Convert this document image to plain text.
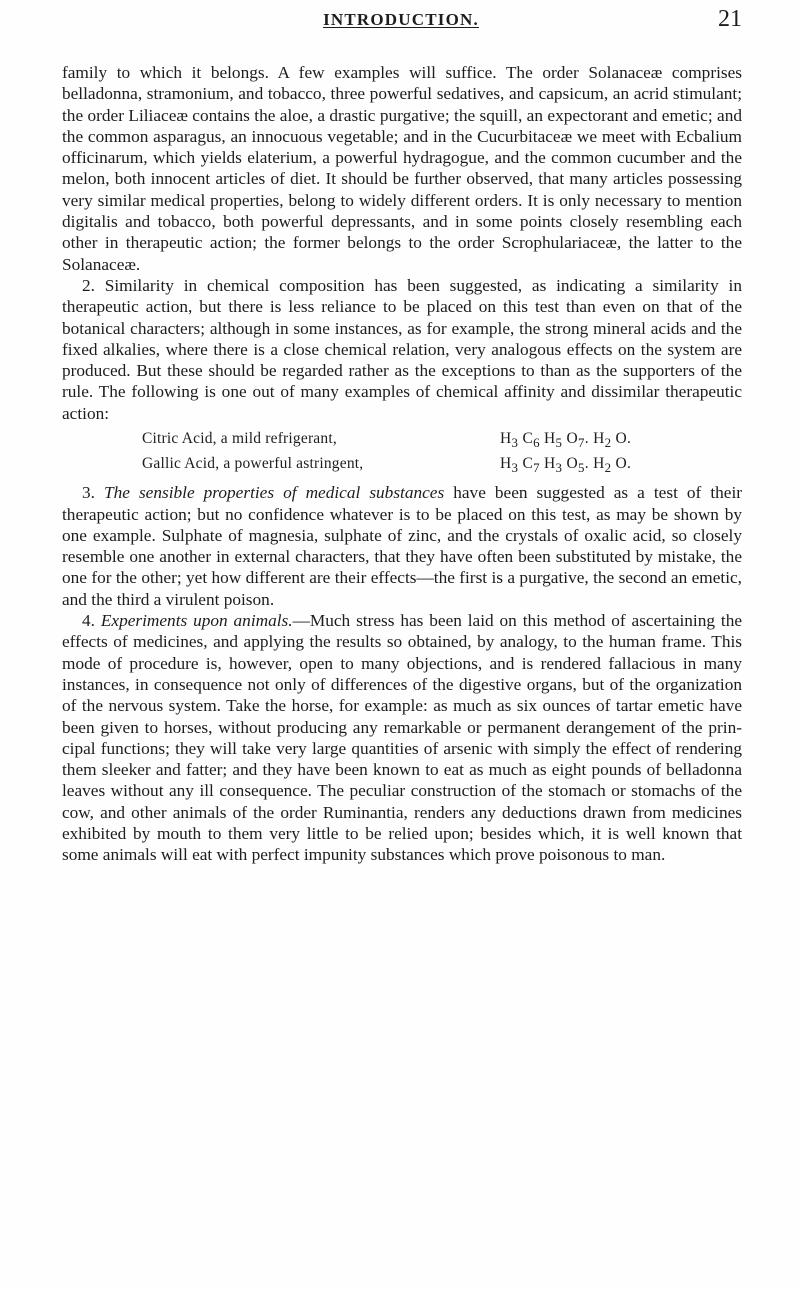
INTRODUCTION.	21

family to which it belongs. A few examples will suffice. The order Solanaceæ comprises belladonna, stramonium, and tobacco, three powerful sedatives, and capsicum, an acrid stimulant; the order Liliaceæ contains the aloe, a drastic purgative; the squill, an expectorant and emetic; and the common asparagus, an innocuous vegetable; and in the Cucurbitaceæ we meet with Ecbalium officinarum, which yields elaterium, a powerful hydragogue, and the common cucumber and the melon, both innocent articles of diet. It should be further observed, that many articles possessing very similar medical properties, belong to widely different orders. It is only necessary to mention digitalis and tobacco, both powerful depressants, and in some points closely resembling each other in therapeutic action; the former belongs to the order Scrophulariaceæ, the latter to the Solanaceæ.

2. Similarity in chemical composition has been suggested, as indicating a similarity in therapeutic action, but there is less reliance to be placed on this test than even on that of the botanical characters; although in some instances, as for example, the strong mineral acids and the fixed alkalies, where there is a close chemical relation, very analogous effects on the system are produced. But these should be regarded rather as the exceptions to than as the supporters of the rule. The following is one out of many examples of chemical affinity and dissimilar therapeutic action:

Citric Acid, a mild refrigerant,	$H_3$ $C_6$ $H_5$ $O_7$. $H_2$ O.
Gallic Acid, a powerful astringent,	$H_3$ $C_7$ $H_3$ $O_5$. $H_2$ O.

3. The sensible properties of medical substances have been suggested as a test of their therapeutic action; but no confidence whatever is to be placed on this test, as may be shown by one example. Sulphate of magnesia, sulphate of zinc, and the crystals of oxalic acid, so closely resemble one another in external characters, that they have often been substituted by mistake, the one for the other; yet how different are their effects—the first is a purgative, the second an emetic, and the third a virulent poison.

4. Experiments upon animals.—Much stress has been laid on this method of ascertaining the effects of medicines, and applying the results so obtained, by analogy, to the human frame. This mode of procedure is, however, open to many objections, and is rendered fallacious in many instances, in consequence not only of differences of the digestive organs, but of the organization of the nervous system. Take the horse, for example: as much as six ounces of tartar emetic have been given to horses, without producing any remarkable or permanent derangement of the principal functions; they will take very large quantities of arsenic with simply the effect of rendering them sleeker and fatter; and they have been known to eat as much as eight pounds of belladonna leaves without any ill consequence. The peculiar construction of the stomach or stomachs of the cow, and other animals of the order Ruminantia, renders any deductions drawn from medicines exhibited by mouth to them very little to be relied upon; besides which, it is well known that some animals will eat with perfect impunity substances which prove poisonous to man.
